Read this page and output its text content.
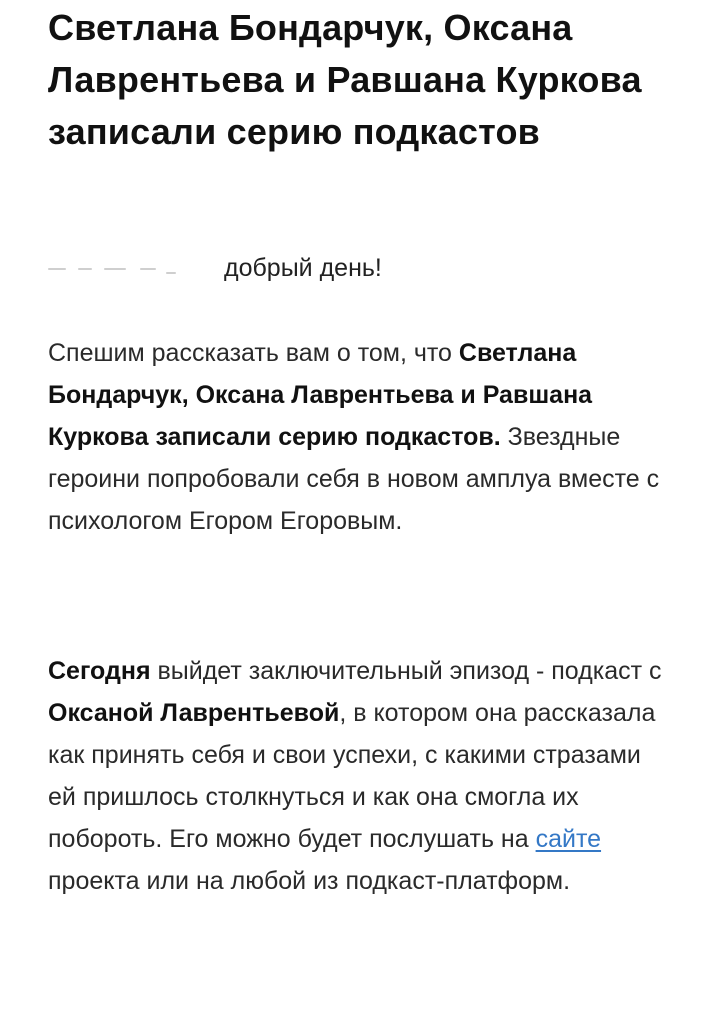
Светлана Бондарчук, Оксана Лаврентьева и Равшана Куркова записали серию подкастов
добрый день!

Спешим рассказать вам о том, что Светлана Бондарчук, Оксана Лаврентьева и Равшана Куркова записали серию подкастов. Звездные героини попробовали себя в новом амплуа вместе с психологом Егором Егоровым.

Сегодня выйдет заключительный эпизод - подкаст с Оксаной Лаврентьевой, в котором она рассказала как принять себя и свои успехи, с какими стразами ей пришлось столкнуться и как она смогла их побороть. Его можно будет послушать на сайте проекта или на любой из подкаст-платформ.
